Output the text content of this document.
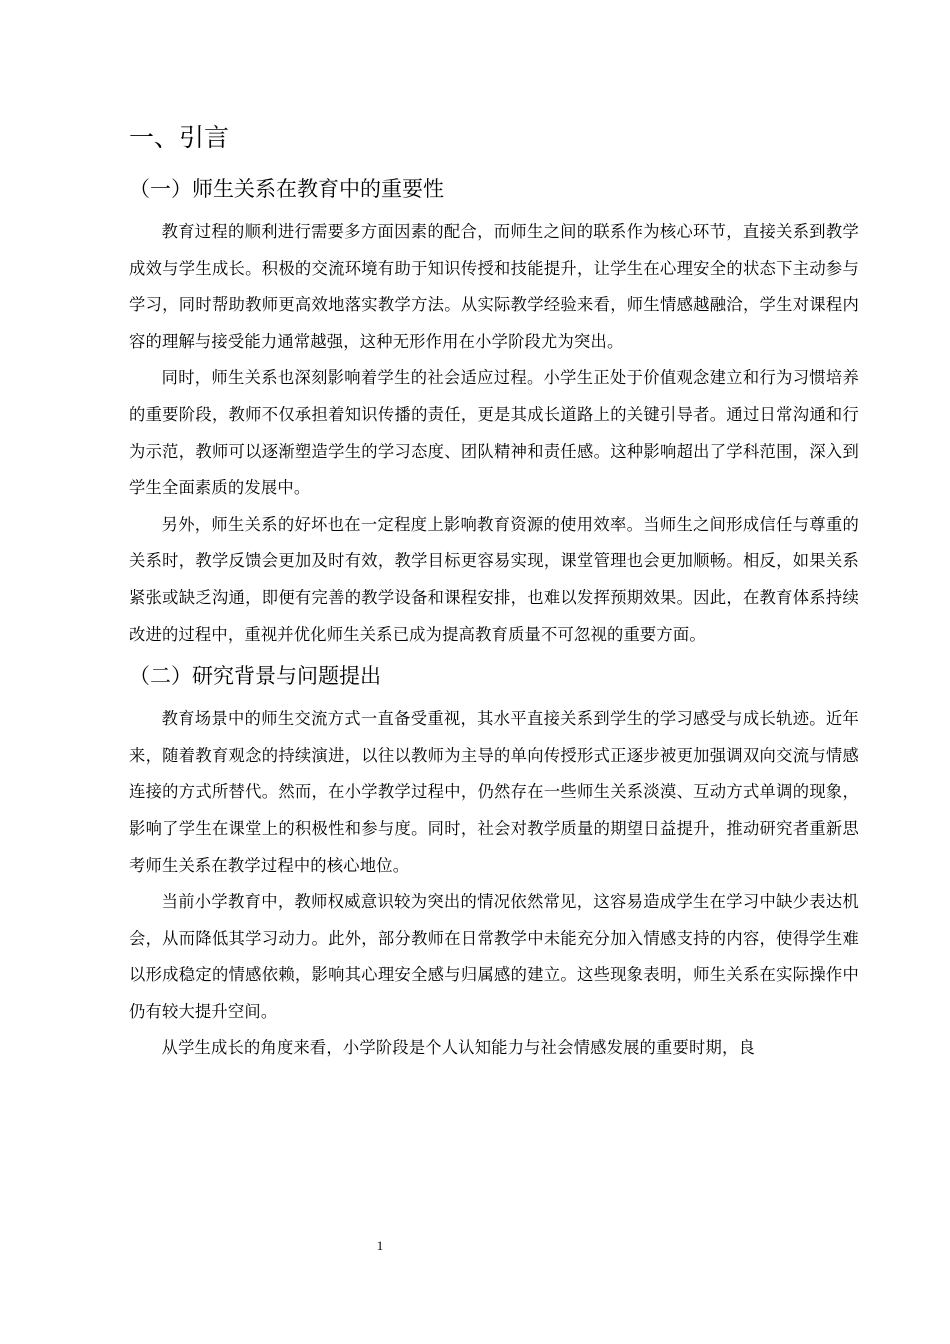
一、引言
（一）师生关系在教育中的重要性

教育过程的顺利进行需要多方面因素的配合，而师生之间的联系作为核心环节，直接关系到教学成效与学生成长。积极的交流环境有助于知识传授和技能提升，让学生在心理安全的状态下主动参与学习，同时帮助教师更高效地落实教学方法。从实际教学经验来看，师生情感越融洽，学生对课程内容的理解与接受能力通常越强，这种无形作用在小学阶段尤为突出。

同时，师生关系也深刻影响着学生的社会适应过程。小学生正处于价值观念建立和行为习惯培养的重要阶段，教师不仅承担着知识传播的责任，更是其成长道路上的关键引导者。通过日常沟通和行为示范，教师可以逐渐塑造学生的学习态度、团队精神和责任感。这种影响超出了学科范围，深入到学生全面素质的发展中。

另外，师生关系的好坏也在一定程度上影响教育资源的使用效率。当师生之间形成信任与尊重的关系时，教学反馈会更加及时有效，教学目标更容易实现，课堂管理也会更加顺畅。相反，如果关系紧张或缺乏沟通，即便有完善的教学设备和课程安排，也难以发挥预期效果。因此，在教育体系持续改进的过程中，重视并优化师生关系已成为提高教育质量不可忽视的重要方面。

（二）研究背景与问题提出

教育场景中的师生交流方式一直备受重视，其水平直接关系到学生的学习感受与成长轨迹。近年来，随着教育观念的持续演进，以往以教师为主导的单向传授形式正逐步被更加强调双向交流与情感连接的方式所替代。然而，在小学教学过程中，仍然存在一些师生关系淡漠、互动方式单调的现象，影响了学生在课堂上的积极性和参与度。同时，社会对教学质量的期望日益提升，推动研究者重新思考师生关系在教学过程中的核心地位。

当前小学教育中，教师权威意识较为突出的情况依然常见，这容易造成学生在学习中缺少表达机会，从而降低其学习动力。此外，部分教师在日常教学中未能充分加入情感支持的内容，使得学生难以形成稳定的情感依赖，影响其心理安全感与归属感的建立。这些现象表明，师生关系在实际操作中仍有较大提升空间。

从学生成长的角度来看，小学阶段是个人认知能力与社会情感发展的重要时期，良

1
